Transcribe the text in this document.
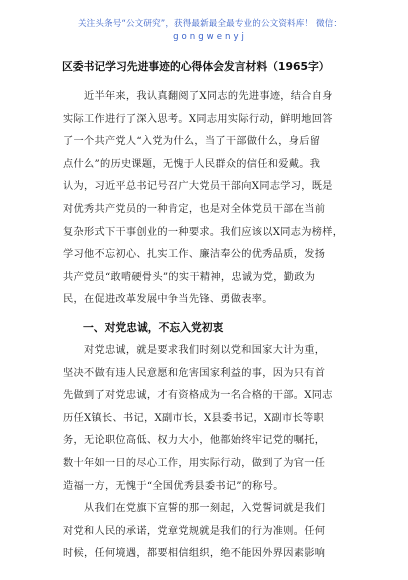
关注头条号“公文研究”，获得最新最全最专业的公文资料库！ 微信：
gongwenyj
区委书记学习先进事迹的心得体会发言材料（1965字）
　　近半年来，我认真翻阅了X同志的先进事迹，结合自身
实际工作进行了深入思考。X同志用实际行动，鲜明地回答
了一个共产党人“入党为什么，当了干部做什么，身后留
点什么”的历史课题，无愧于人民群众的信任和爱戴。我
认为，习近平总书记号召广大党员干部向X同志学习，既是
对优秀共产党员的一种肯定，也是对全体党员干部在当前
复杂形式下干事创业的一种要求。我们应该以X同志为榜样，
学习他不忘初心、扎实工作、廉洁奉公的优秀品质，发扬
共产党员“敢啃硬骨头”的实干精神，忠诚为党，勤政为
民，在促进改革发展中争当先锋、勇做表率。
一、对党忠诚，不忘入党初衷
　　对党忠诚，就是要求我们时刻以党和国家大计为重，
坚决不做有违人民意愿和危害国家利益的事，因为只有首
先做到了对党忠诚，才有资格成为一名合格的干部。X同志
历任X镇长、书记，X副市长，X县委书记，X副市长等职
务，无论职位高低、权力大小，他都始终牢记党的嘱托，
数十年如一日的尽心工作，用实际行动，做到了为官一任
造福一方，无愧于“全国优秀县委书记”的称号。
　　从我们在党旗下宣誓的那一刻起，入党誓词就是我们
对党和人民的承诺，党章党规就是我们的行为准则。任何
时候，任何境遇，都要相信组织，绝不能因外界因素影响
